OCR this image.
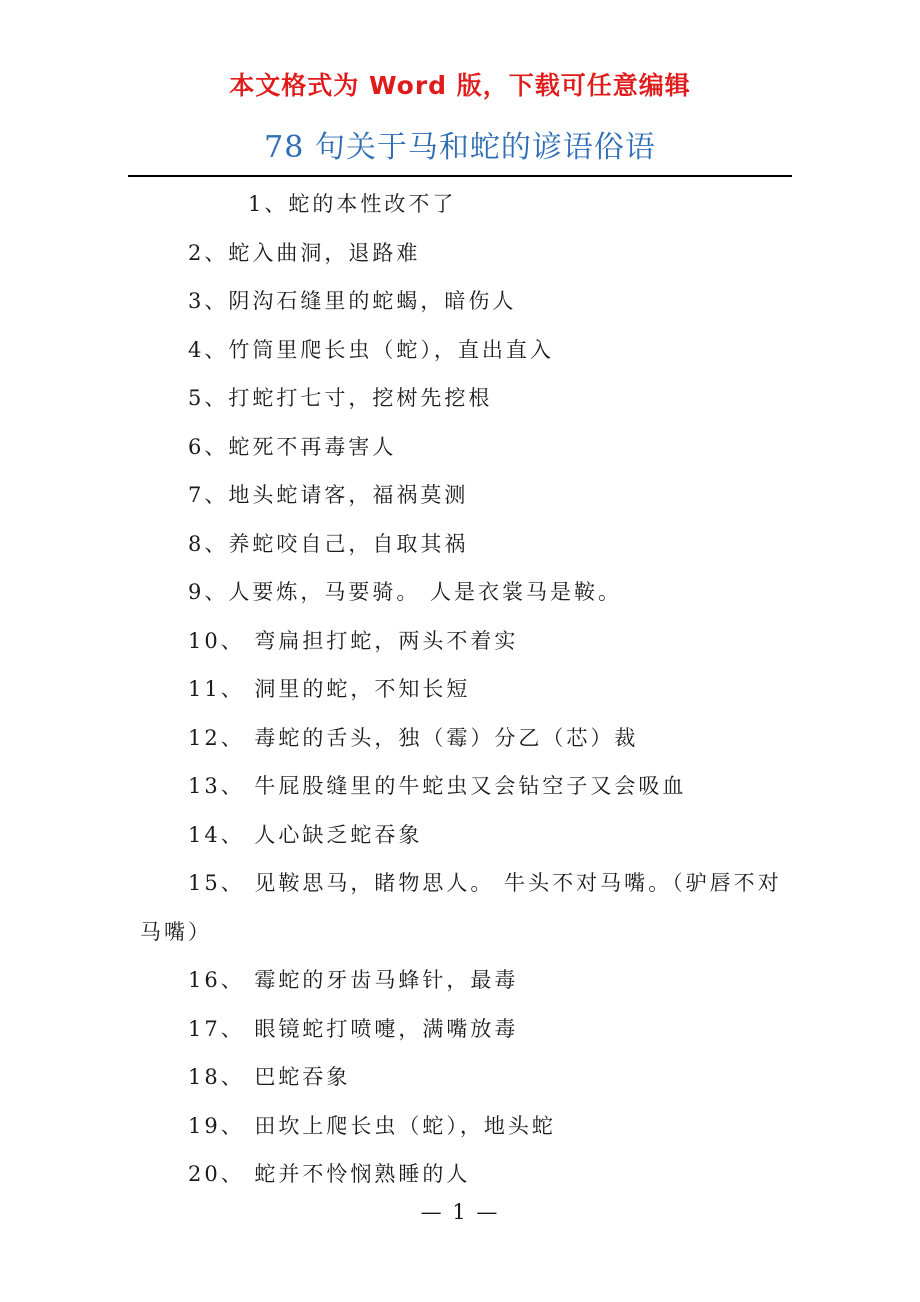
本文格式为 Word 版，下载可任意编辑
78 句关于马和蛇的谚语俗语
1、蛇的本性改不了
2、蛇入曲洞，退路难
3、阴沟石缝里的蛇蝎，暗伤人
4、竹筒里爬长虫（蛇），直出直入
5、打蛇打七寸，挖树先挖根
6、蛇死不再毒害人
7、地头蛇请客，福祸莫测
8、养蛇咬自己，自取其祸
9、人要炼，马要骑。 人是衣裳马是鞍。
10、 弯扁担打蛇，两头不着实
11、 洞里的蛇，不知长短
12、 毒蛇的舌头，独（霉）分乙（芯）裁
13、 牛屁股缝里的牛蛇虫又会钻空子又会吸血
14、 人心缺乏蛇吞象
15、 见鞍思马，睹物思人。 牛头不对马嘴。（驴唇不对马嘴）
16、 霉蛇的牙齿马蜂针，最毒
17、 眼镜蛇打喷嚏，满嘴放毒
18、 巴蛇吞象
19、 田坎上爬长虫（蛇），地头蛇
20、 蛇并不怜悯熟睡的人
— 1 —
